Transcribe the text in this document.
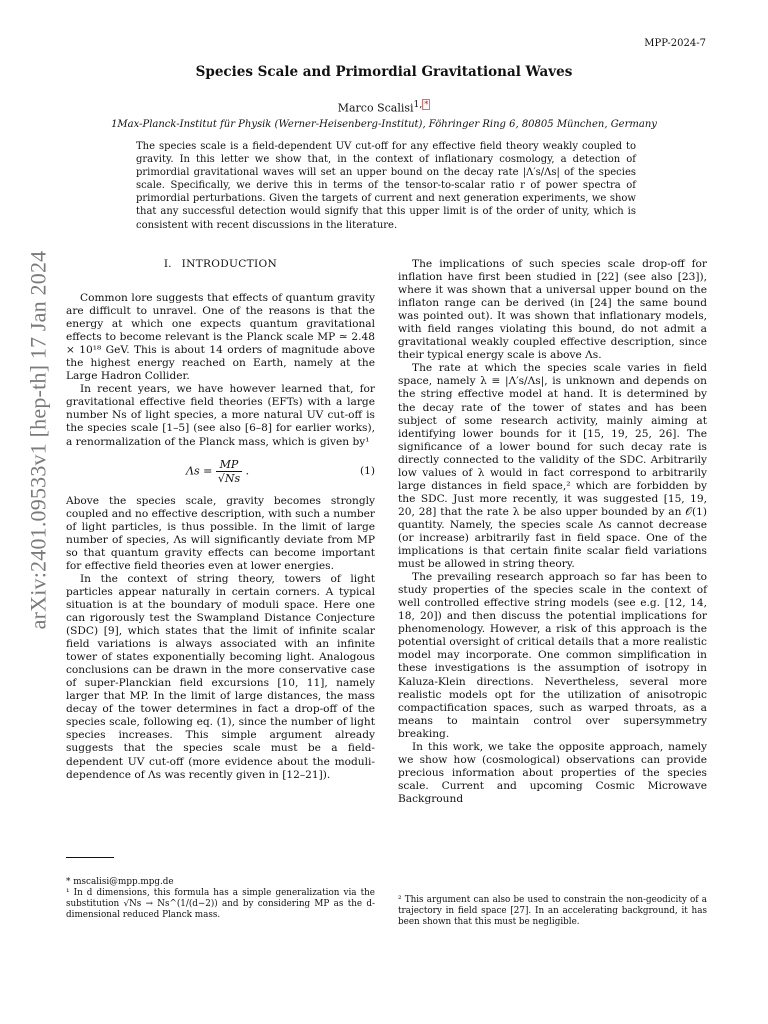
arXiv:2401.09533v1 [hep-th] 17 Jan 2024
MPP-2024-7
Species Scale and Primordial Gravitational Waves
Marco Scalisi$^{1,}$ *
1Max-Planck-Institut für Physik (Werner-Heisenberg-Institut), Föhringer Ring 6, 80805 München, Germany
The species scale is a field-dependent UV cut-off for any effective field theory weakly coupled to gravity. In this letter we show that, in the context of inflationary cosmology, a detection of primordial gravitational waves will set an upper bound on the decay rate |Λ′s/Λs| of the species scale. Specifically, we derive this in terms of the tensor-to-scalar ratio r of power spectra of primordial perturbations. Given the targets of current and next generation experiments, we show that any successful detection would signify that this upper limit is of the order of unity, which is consistent with recent discussions in the literature.
I. INTRODUCTION

Common lore suggests that effects of quantum gravity are difficult to unravel. One of the reasons is that the energy at which one expects quantum gravitational effects to become relevant is the Planck scale MP ≃ 2.48 × 10¹⁸ GeV. This is about 14 orders of magnitude above the highest energy reached on Earth, namely at the Large Hadron Collider.

In recent years, we have however learned that, for gravitational effective field theories (EFTs) with a large number Ns of light species, a more natural UV cut-off is the species scale [1–5] (see also [6–8] for earlier works), a renormalization of the Planck mass, which is given by¹

$\Lambda s = \frac{MP}{√Ns}$ .	(1)

Above the species scale, gravity becomes strongly coupled and no effective description, with such a number of light particles, is thus possible. In the limit of large number of species, Λs will significantly deviate from MP so that quantum gravity effects can become important for effective field theories even at lower energies.

In the context of string theory, towers of light particles appear naturally in certain corners. A typical situation is at the boundary of moduli space. Here one can rigorously test the Swampland Distance Conjecture (SDC) [9], which states that the limit of infinite scalar field variations is always associated with an infinite tower of states exponentially becoming light. Analogous conclusions can be drawn in the more conservative case of super-Planckian field excursions [10, 11], namely larger that MP. In the limit of large distances, the mass decay of the tower determines in fact a drop-off of the species scale, following eq. (1), since the number of light species increases. This simple argument already suggests that the species scale must be a field-dependent UV cut-off (more evidence about the moduli-dependence of Λs was recently given in [12–21]).

The implications of such species scale drop-off for inflation have first been studied in [22] (see also [23]), where it was shown that a universal upper bound on the inflaton range can be derived (in [24] the same bound was pointed out). It was shown that inflationary models, with field ranges violating this bound, do not admit a gravitational weakly coupled effective description, since their typical energy scale is above Λs.

The rate at which the species scale varies in field space, namely λ ≡ |Λ′s/Λs|, is unknown and depends on the string effective model at hand. It is determined by the decay rate of the tower of states and has been subject of some research activity, mainly aiming at identifying lower bounds for it [15, 19, 25, 26]. The significance of a lower bound for such decay rate is directly connected to the validity of the SDC. Arbitrarily low values of λ would in fact correspond to arbitrarily large distances in field space,² which are forbidden by the SDC. Just more recently, it was suggested [15, 19, 20, 28] that the rate λ be also upper bounded by an 𝒪(1) quantity. Namely, the species scale Λs cannot decrease (or increase) arbitrarily fast in field space. One of the implications is that certain finite scalar field variations must be allowed in string theory.

The prevailing research approach so far has been to study properties of the species scale in the context of well controlled effective string models (see e.g. [12, 14, 18, 20]) and then discuss the potential implications for phenomenology. However, a risk of this approach is the potential oversight of critical details that a more realistic model may incorporate. One common simplification in these investigations is the assumption of isotropy in Kaluza-Klein directions. Nevertheless, several more realistic models opt for the utilization of anisotropic compactification spaces, such as warped throats, as a means to maintain control over supersymmetry breaking.

In this work, we take the opposite approach, namely we show how (cosmological) observations can provide precious information about properties of the species scale. Current and upcoming Cosmic Microwave Background

* mscalisi@mpp.mpg.de

¹ In d dimensions, this formula has a simple generalization via the substitution √Ns → Ns^(1/(d−2)) and by considering MP as the d-dimensional reduced Planck mass.

² This argument can also be used to constrain the non-geodicity of a trajectory in field space [27]. In an accelerating background, it has been shown that this must be negligible.
